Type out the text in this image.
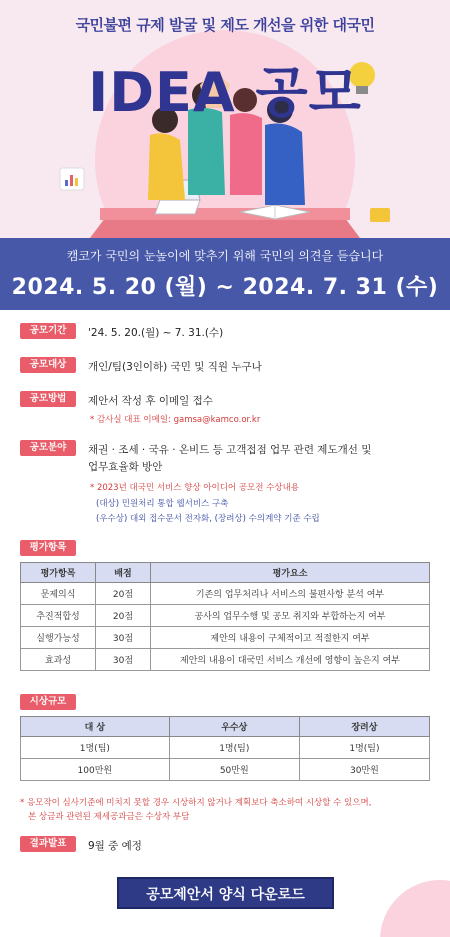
국민불편 규제 발굴 및 제도 개선을 위한 대국민
IDEA 공모
캠코가 국민의 눈높이에 맞추기 위해 국민의 의견을 듣습니다
2024. 5. 20 (월) ~ 2024. 7. 31 (수)
공모기간	'24. 5. 20.(월) ~ 7. 31.(수)
공모대상	개인/팀(3인이하) 국민 및 직원 누구나
공모방법	제안서 작성 후 이메일 접수
* 감사실 대표 이메일: gamsa@kamco.or.kr
공모분야	채권 · 조세 · 국유 · 온비드 등 고객접점 업무 관련 제도개선 및
업무효율화 방안
* 2023년 대국민 서비스 향상 아이디어 공모전 수상내용
(대상) 민원처리 통합 웹서비스 구축
(우수상) 대외 접수문서 전자화, (장려상) 수의계약 기준 수립
평가항목
평가항목	배점	평가요소
문제의식	20점	기존의 업무처리나 서비스의 불편사항 분석 여부
추진적합성	20점	공사의 업무수행 및 공모 취지와 부합하는지 여부
실행가능성	30점	제안의 내용이 구체적이고 적절한지 여부
효과성	30점	제안의 내용이 대국민 서비스 개선에 영향이 높은지 여부
시상규모
대 상	우수상	장려상
1명(팀)	1명(팀)	1명(팀)
100만원	50만원	30만원
* 응모작이 심사기준에 미치지 못할 경우 시상하지 않거나 계획보다 축소하여 시상할 수 있으며,
본 상금과 관련된 제세공과금은 수상자 부담
결과발표	9월 중 예정
공모제안서 양식 다운로드
